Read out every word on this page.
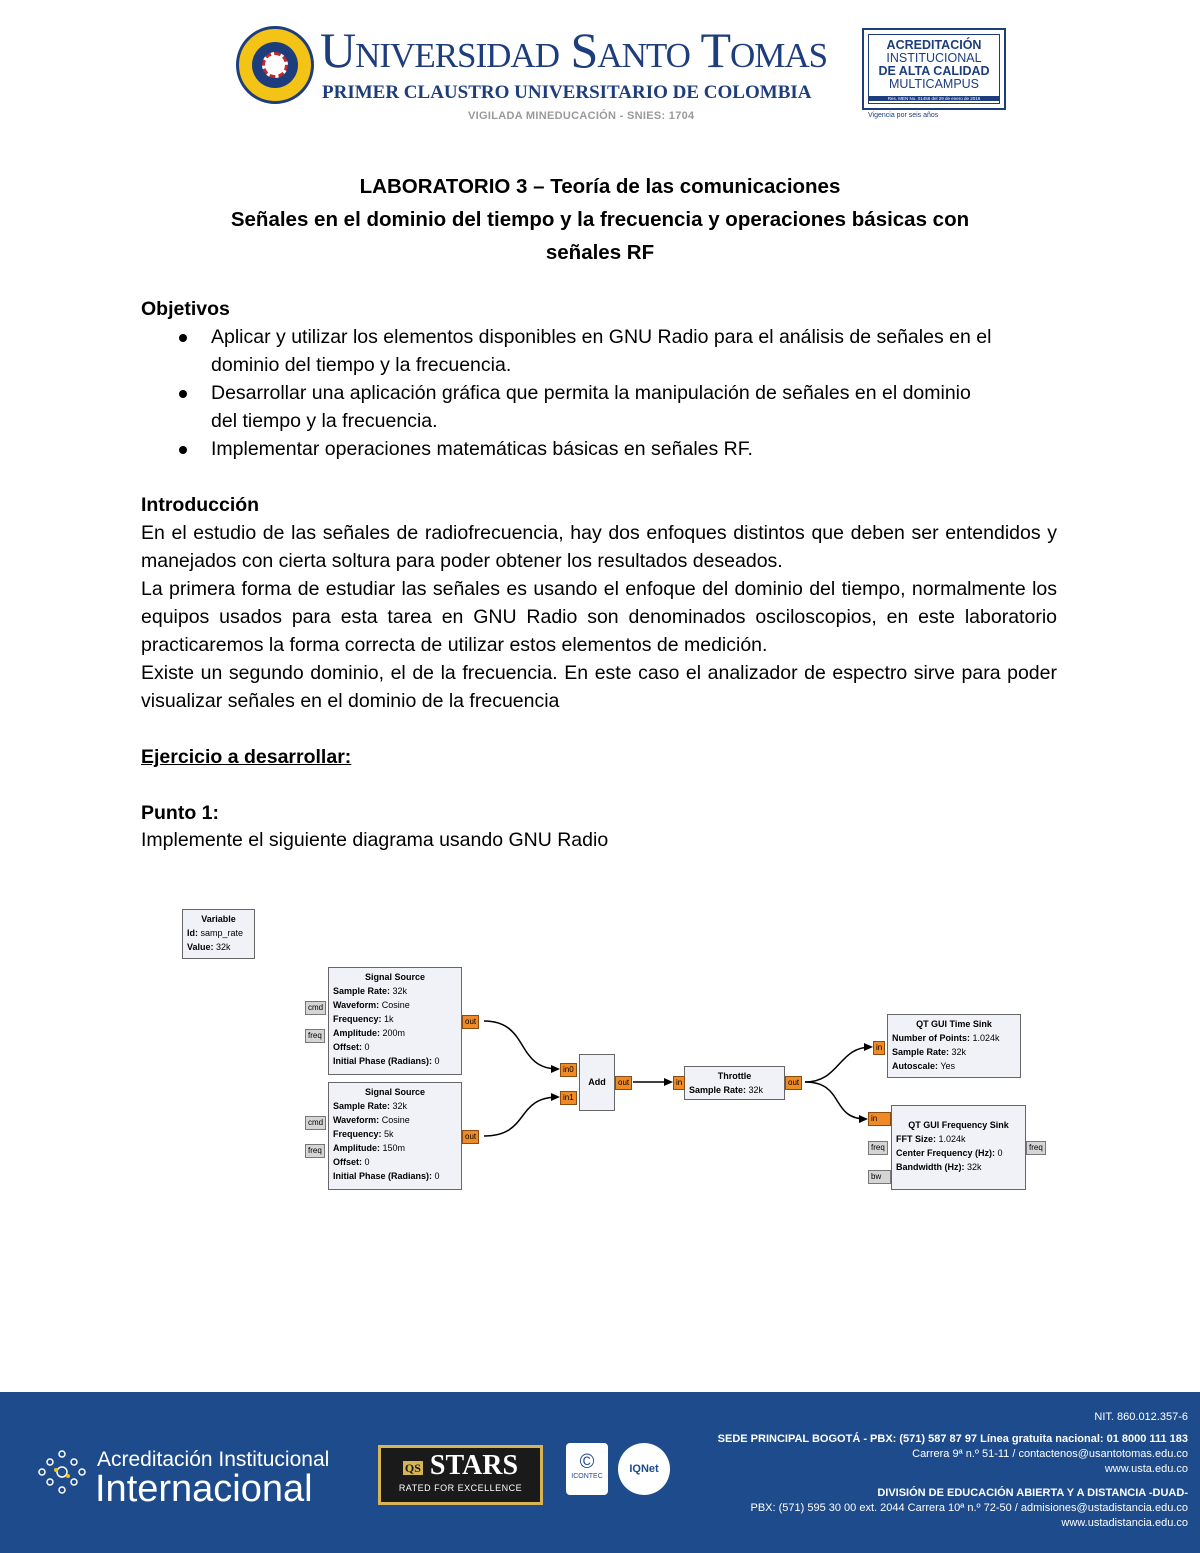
Universidad Santo Tomas
PRIMER CLAUSTRO UNIVERSITARIO DE COLOMBIA
VIGILADA MINEDUCACIÓN - SNIES: 1704
ACREDITACIÓN
INSTITUCIONAL
DE ALTA CALIDAD
MULTICAMPUS
Res. MEN No. 01456 del 29 de enero de 2016
Vigencia por seis años
LABORATORIO 3 – Teoría de las comunicaciones
Señales en el dominio del tiempo y la frecuencia y operaciones básicas con
señales RF
Objetivos
Aplicar y utilizar los elementos disponibles en GNU Radio para el análisis de señales en el
dominio del tiempo y la frecuencia.
Desarrollar una aplicación gráfica que permita la manipulación de señales en el dominio
del tiempo y la frecuencia.
Implementar operaciones matemáticas básicas en señales RF.
Introducción
En el estudio de las señales de radiofrecuencia, hay dos enfoques distintos que deben ser entendidos y manejados con cierta soltura para poder obtener los resultados deseados.
La primera forma de estudiar las señales es usando el enfoque del dominio del tiempo, normalmente los equipos usados para esta tarea en GNU Radio son denominados osciloscopios, en este laboratorio practicaremos la forma correcta de utilizar estos elementos de medición.
Existe un segundo dominio, el de la frecuencia. En este caso el analizador de espectro sirve para poder visualizar señales en el dominio de la frecuencia
Ejercicio a desarrollar:
Punto 1:
Implemente el siguiente diagrama usando GNU Radio
Variable
Id: samp_rate
Value: 32k
Signal Source
Sample Rate: 32k
Waveform: Cosine
Frequency: 1k
Amplitude: 200m
Offset: 0
Initial Phase (Radians): 0
cmd
freq
out
Signal Source
Sample Rate: 32k
Waveform: Cosine
Frequency: 5k
Amplitude: 150m
Offset: 0
Initial Phase (Radians): 0
cmd
freq
out
Add
in0
in1
out
Throttle
Sample Rate: 32k
in	out
QT GUI Time Sink
Number of Points: 1.024k
Sample Rate: 32k
Autoscale: Yes
in
QT GUI Frequency Sink
FFT Size: 1.024k
Center Frequency (Hz): 0
Bandwidth (Hz): 32k
in
freq
bw
freq
Acreditación Institucional
Internacional
QS STARS
RATED FOR EXCELLENCE
©
ICONTEC
IQNet
NIT. 860.012.357-6
SEDE PRINCIPAL BOGOTÁ - PBX: (571) 587 87 97 Línea gratuita nacional: 01 8000 111 183
Carrera 9ª n.º 51-11 / contactenos@usantotomas.edu.co
www.usta.edu.co
DIVISIÓN DE EDUCACIÓN ABIERTA Y A DISTANCIA -DUAD-
PBX: (571) 595 30 00 ext. 2044 Carrera 10ª n.º 72-50 / admisiones@ustadistancia.edu.co
www.ustadistancia.edu.co
